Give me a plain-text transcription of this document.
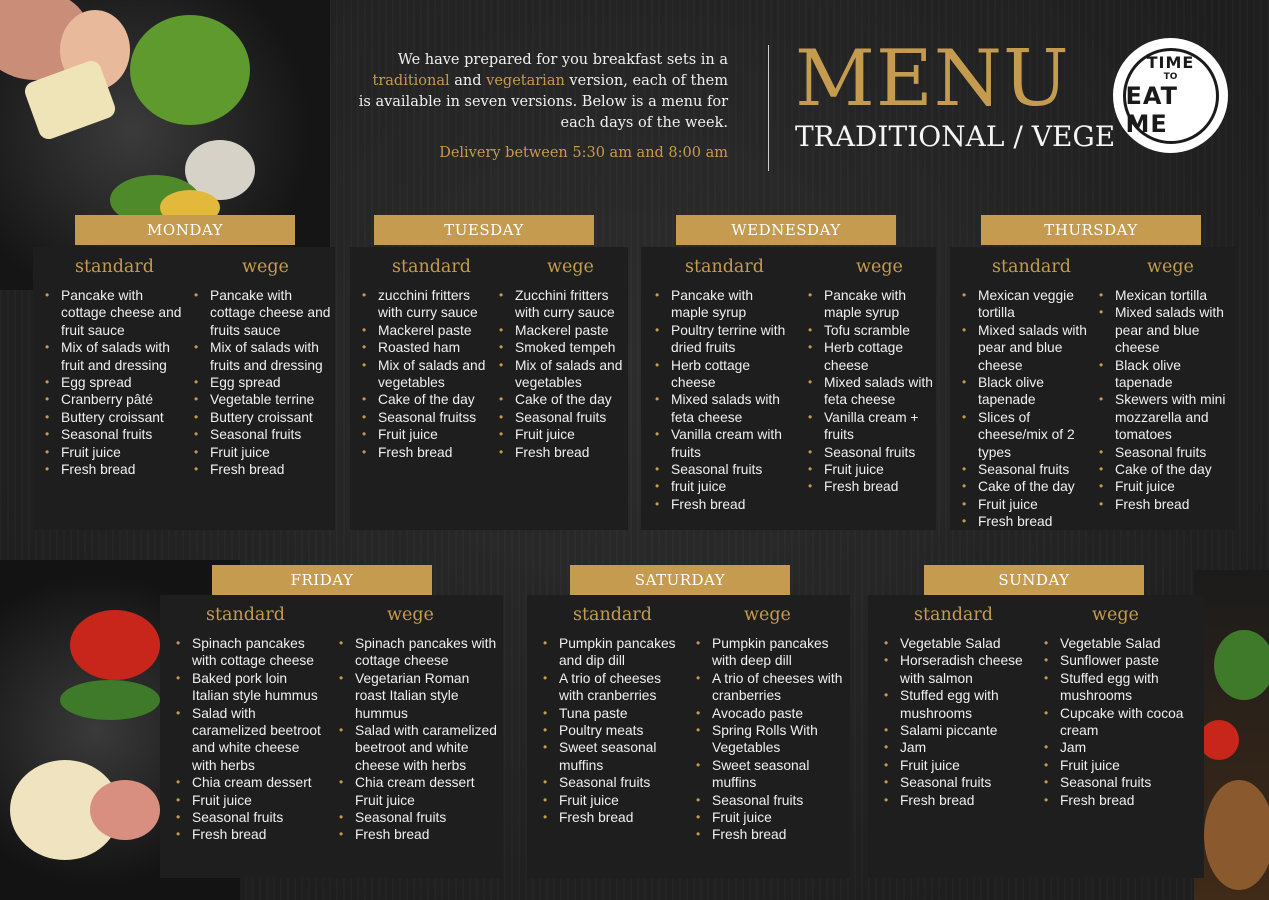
We have prepared for you breakfast sets in a
traditional and vegetarian version, each of them
is available in seven versions. Below is a menu for
each days of the week.
Delivery between 5:30 am and 8:00 am
MENU
TRADITIONAL / VEGE
TIME
TO
EAT ME
MONDAY
standard
• Pancake with cottage cheese and fruit sauce
• Mix of salads with fruit and dressing
• Egg spread
• Cranberry pâté
• Buttery croissant
• Seasonal fruits
• Fruit juice
• Fresh bread
wege
• Pancake with cottage cheese and fruits sauce
• Mix of salads with fruits and dressing
• Egg spread
• Vegetable terrine
• Buttery croissant
• Seasonal fruits
• Fruit juice
• Fresh bread
TUESDAY
standard
• zucchini fritters with curry sauce
• Mackerel paste
• Roasted ham
• Mix of salads and vegetables
• Cake of the day
• Seasonal fruitss
• Fruit juice
• Fresh bread
wege
• Zucchini fritters with curry sauce
• Mackerel paste
• Smoked tempeh
• Mix of salads and vegetables
• Cake of the day
• Seasonal fruits
• Fruit juice
• Fresh bread
WEDNESDAY
standard
• Pancake with maple syrup
• Poultry terrine with dried fruits
• Herb cottage cheese
• Mixed salads with feta cheese
• Vanilla cream with fruits
• Seasonal fruits
• fruit juice
• Fresh bread
wege
• Pancake with maple syrup
• Tofu scramble
• Herb cottage cheese
• Mixed salads with feta cheese
• Vanilla cream + fruits
• Seasonal fruits
• Fruit juice
• Fresh bread
THURSDAY
standard
• Mexican veggie tortilla
• Mixed salads with pear and blue cheese
• Black olive tapenade
• Slices of cheese/mix of 2 types
• Seasonal fruits
• Cake of the day
• Fruit juice
• Fresh bread
wege
• Mexican tortilla
• Mixed salads with pear and blue cheese
• Black olive tapenade
• Skewers with mini mozzarella and tomatoes
• Seasonal fruits
• Cake of the day
• Fruit juice
• Fresh bread
FRIDAY
standard
• Spinach pancakes with cottage cheese
• Baked pork loin Italian style hummus
• Salad with caramelized beetroot and white cheese with herbs
• Chia cream dessert
• Fruit juice
• Seasonal fruits
• Fresh bread
wege
• Spinach pancakes with cottage cheese
• Vegetarian Roman roast Italian style hummus
• Salad with caramelized beetroot and white cheese with herbs
• Chia cream dessert Fruit juice
• Seasonal fruits
• Fresh bread
SATURDAY
standard
• Pumpkin pancakes and dip dill
• A trio of cheeses with cranberries
• Tuna paste
• Poultry meats
• Sweet seasonal muffins
• Seasonal fruits
• Fruit juice
• Fresh bread
wege
• Pumpkin pancakes with deep dill
• A trio of cheeses with cranberries
• Avocado paste
• Spring Rolls With Vegetables
• Sweet seasonal muffins
• Seasonal fruits
• Fruit juice
• Fresh bread
SUNDAY
standard
• Vegetable Salad
• Horseradish cheese with salmon
• Stuffed egg with mushrooms
• Salami piccante
• Jam
• Fruit juice
• Seasonal fruits
• Fresh bread
wege
• Vegetable Salad
• Sunflower paste
• Stuffed egg with mushrooms
• Cupcake with cocoa cream
• Jam
• Fruit juice
• Seasonal fruits
• Fresh bread
